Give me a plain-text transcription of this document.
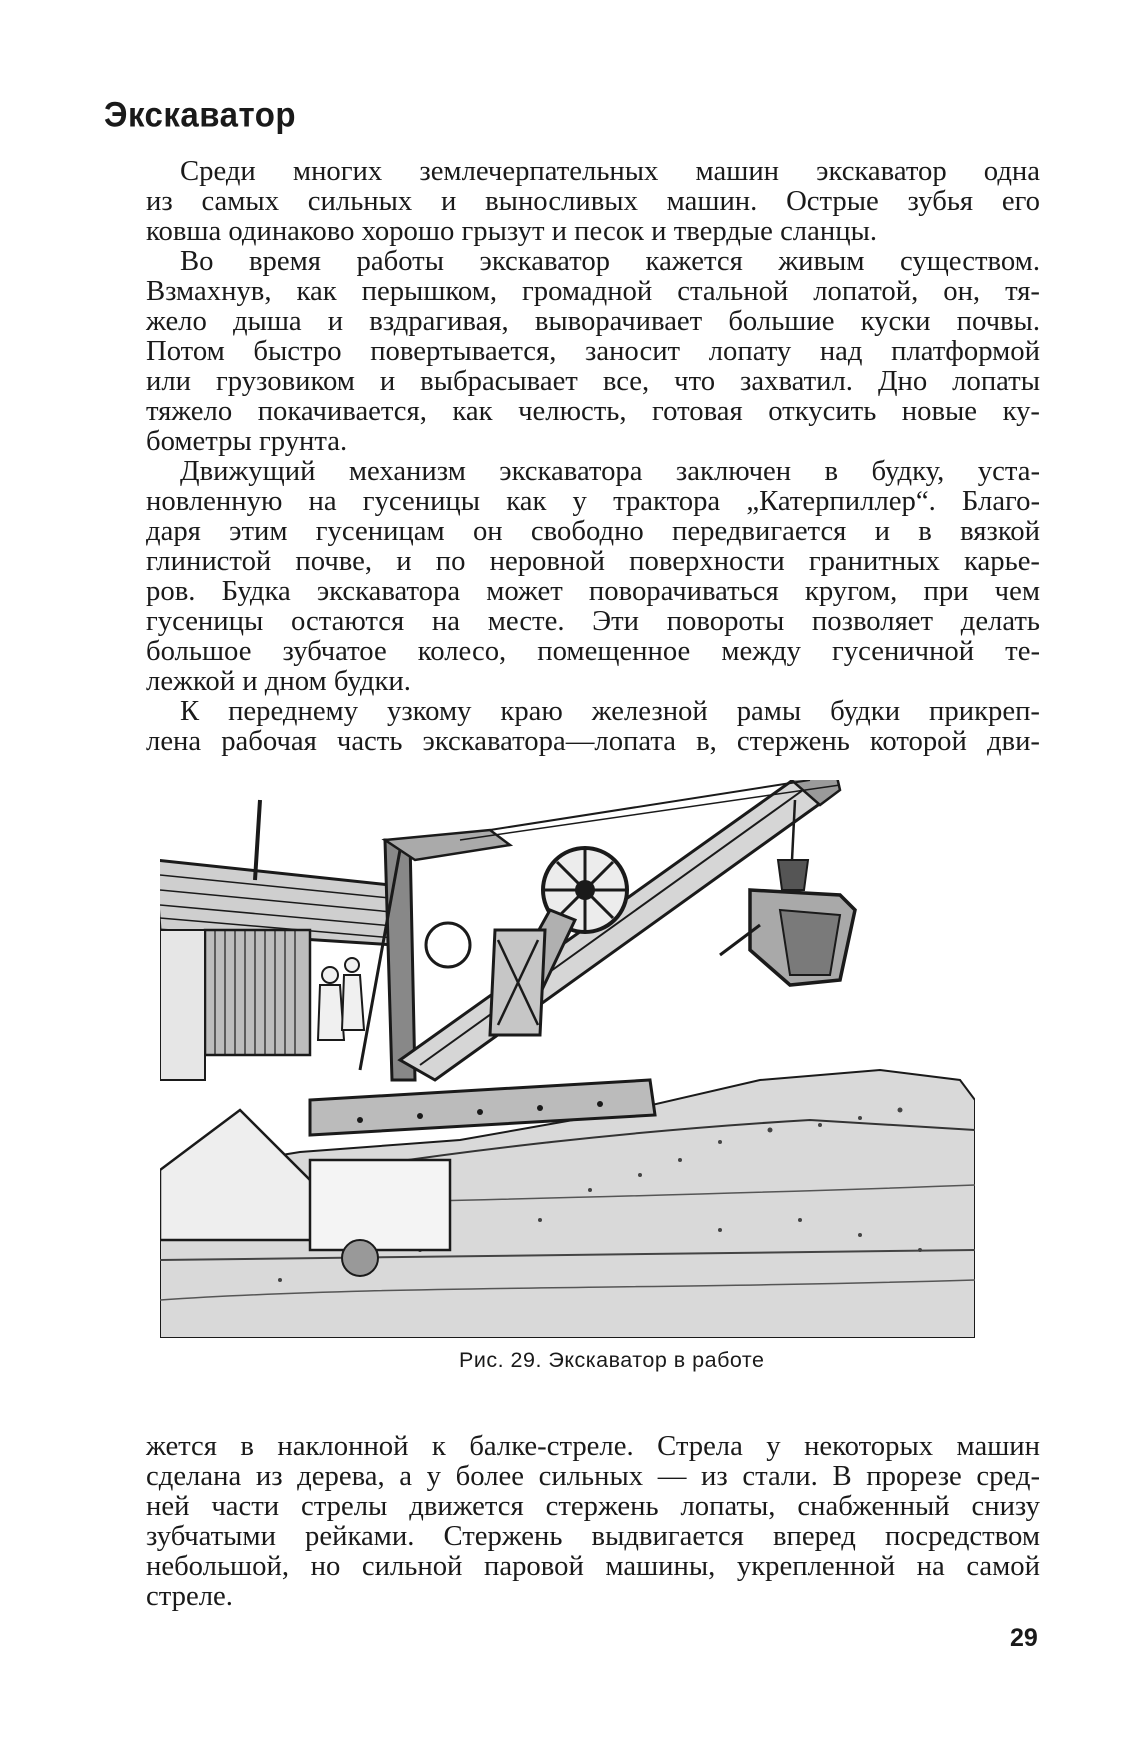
Экскаватор
Среди многих землечерпательных машин экскаватор одна
из самых сильных и выносливых машин. Острые зубья его
ковша одинаково хорошо грызут и песок и твердые сланцы.
Во время работы экскаватор кажется живым существом.
Взмахнув, как перышком, громадной стальной лопатой, он, тя-
жело дыша и вздрагивая, выворачивает большие куски почвы.
Потом быстро повертывается, заносит лопату над платформой
или грузовиком и выбрасывает все, что захватил. Дно лопаты
тяжело покачивается, как челюсть, готовая откусить новые ку-
бометры грунта.
Движущий механизм экскаватора заключен в будку, уста-
новленную на гусеницы как у трактора „Катерпиллер“. Благо-
даря этим гусеницам он свободно передвигается и в вязкой
глинистой почве, и по неровной поверхности гранитных карье-
ров. Будка экскаватора может поворачиваться кругом, при чем
гусеницы остаются на месте. Эти повороты позволяет делать
большое зубчатое колесо, помещенное между гусеничной те-
лежкой и дном будки.
К переднему узкому краю железной рамы будки прикреп-
лена рабочая часть экскаватора—лопата в, стержень которой дви-
Рис. 29. Экскаватор в работе
жется в наклонной к балке-стреле. Стрела у некоторых машин
сделана из дерева, а у более сильных — из стали. В прорезе сред-
ней части стрелы движется стержень лопаты, снабженный снизу
зубчатыми рейками. Стержень выдвигается вперед посредством
небольшой, но сильной паровой машины, укрепленной на самой
стреле.
29
